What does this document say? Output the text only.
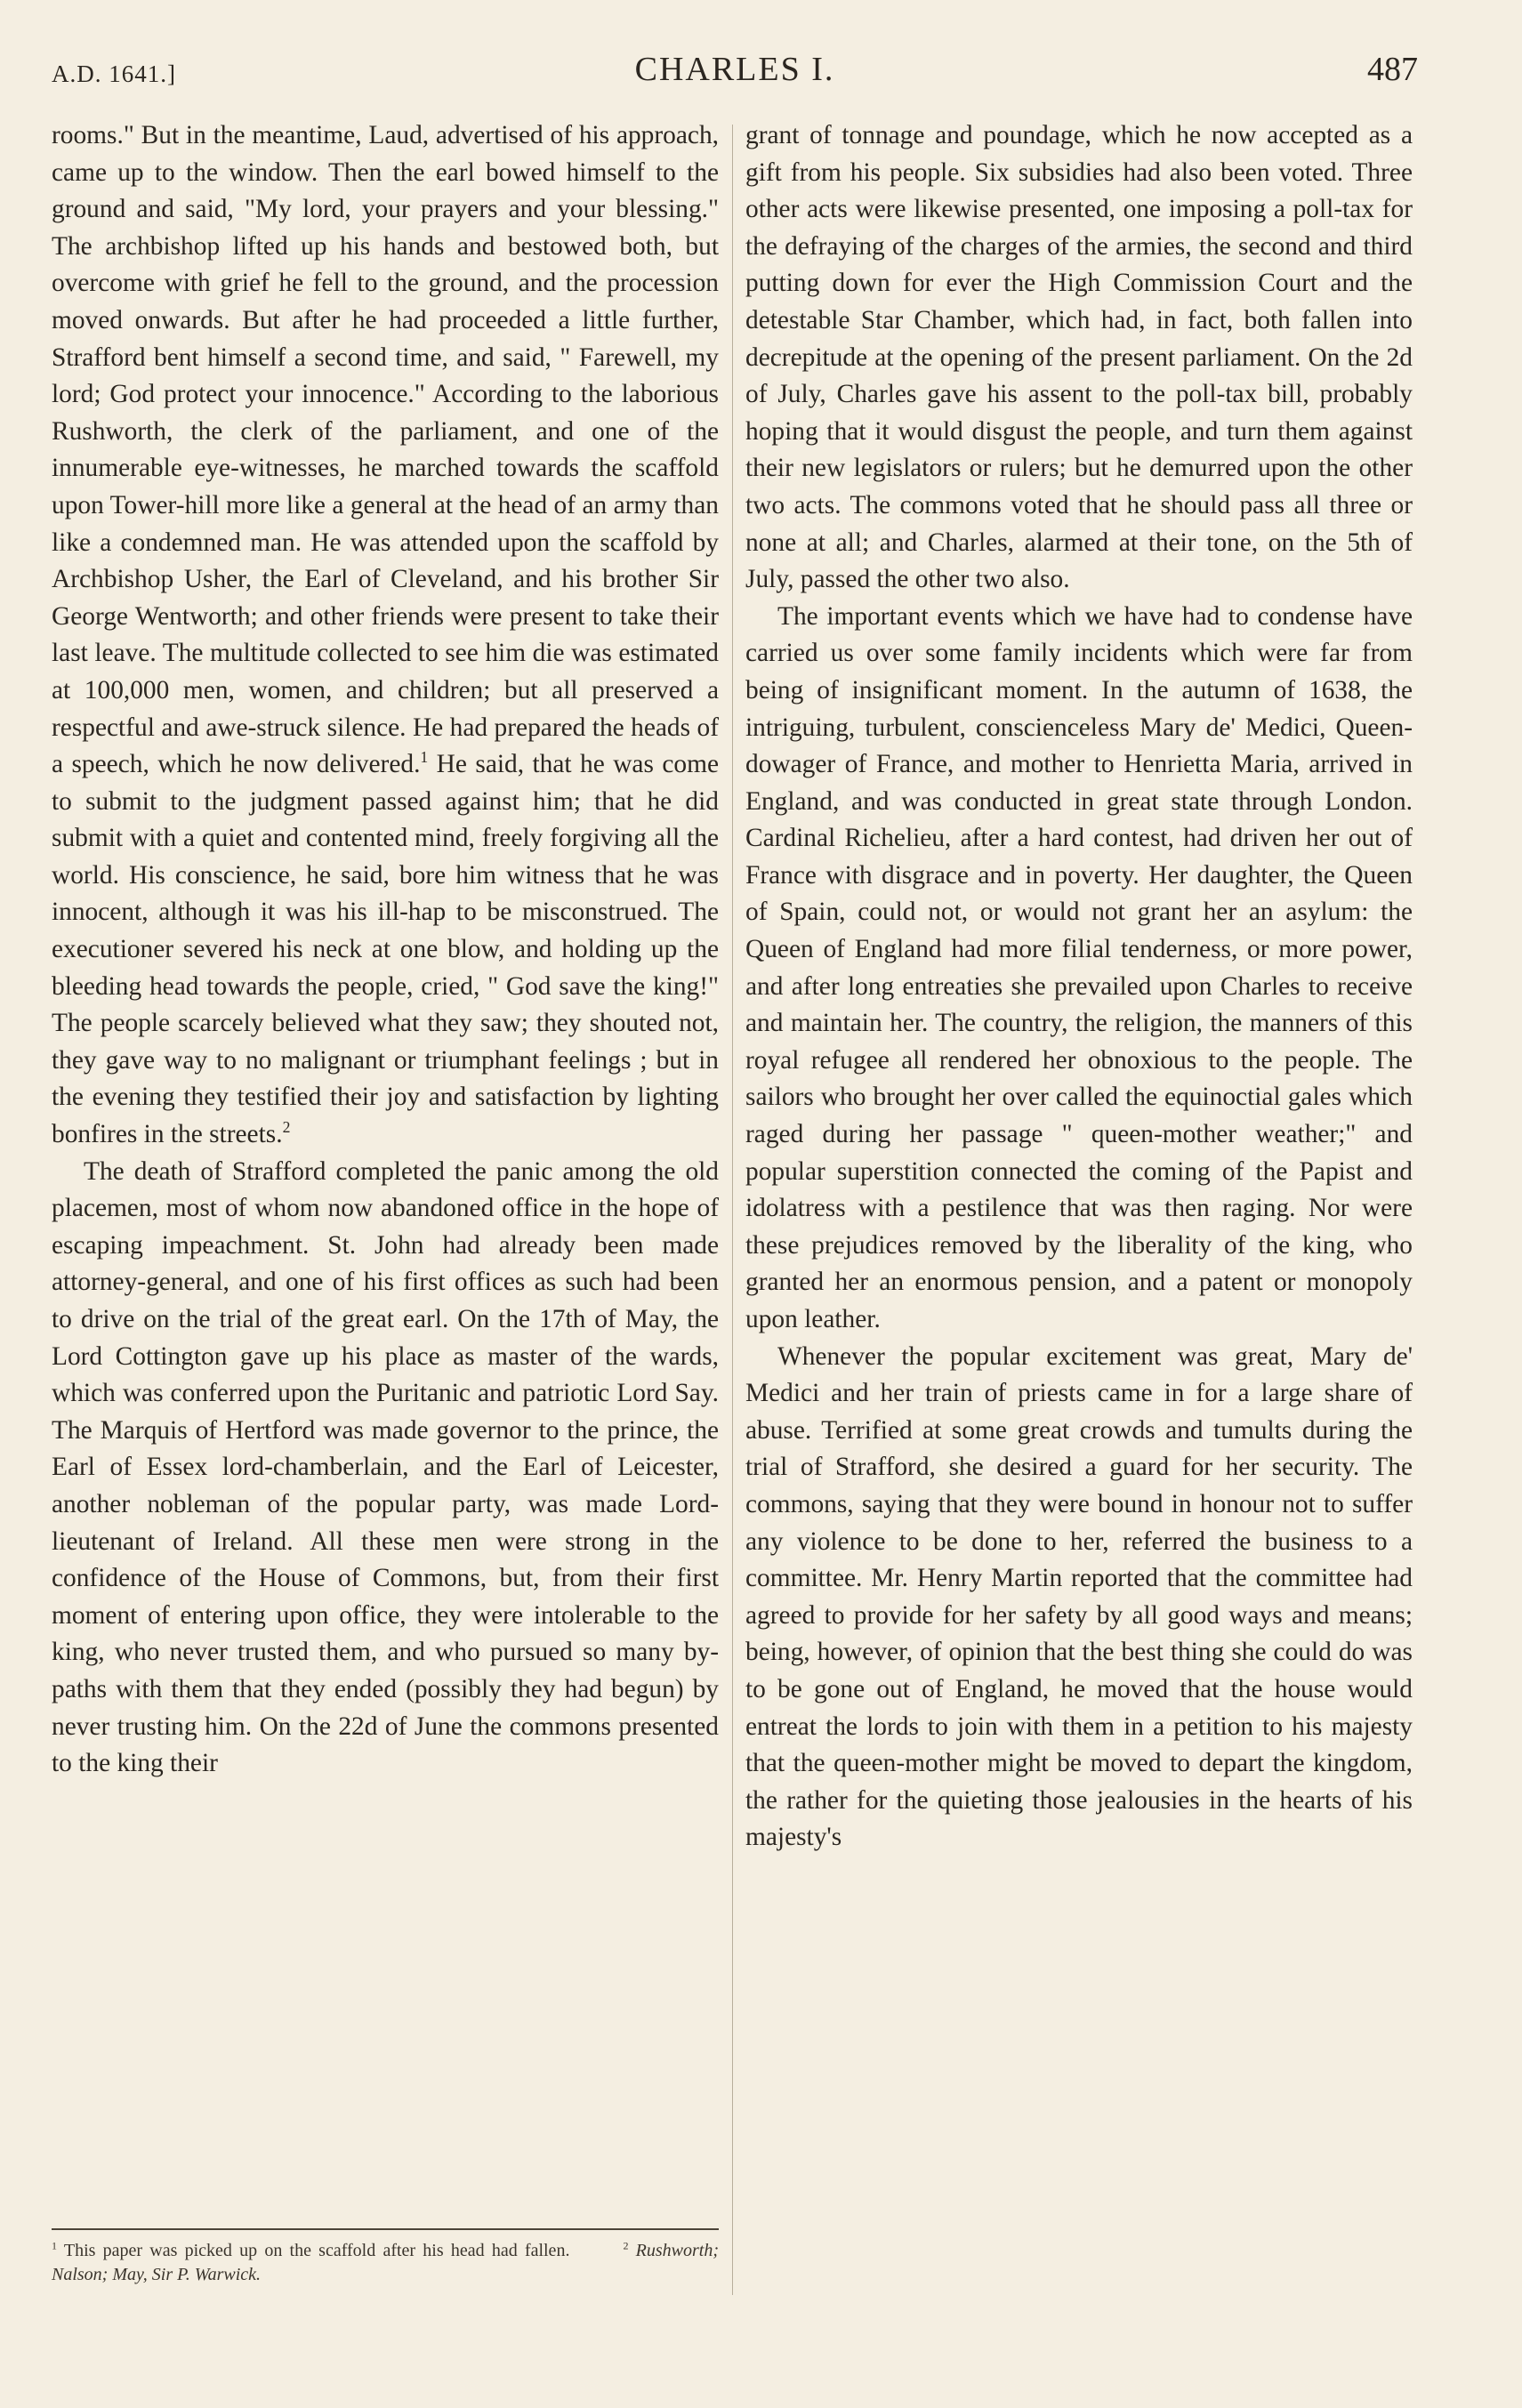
A.D. 1641.]	CHARLES I.	487

rooms." But in the meantime, Laud, advertised of his approach, came up to the window. Then the earl bowed himself to the ground and said, "My lord, your prayers and your blessing." The archbishop lifted up his hands and bestowed both, but overcome with grief he fell to the ground, and the procession moved onwards. But after he had proceeded a little further, Strafford bent himself a second time, and said, " Farewell, my lord; God protect your innocence." According to the laborious Rushworth, the clerk of the parliament, and one of the innumerable eye-witnesses, he marched towards the scaffold upon Tower-hill more like a general at the head of an army than like a condemned man. He was attended upon the scaffold by Archbishop Usher, the Earl of Cleveland, and his brother Sir George Wentworth; and other friends were present to take their last leave. The multitude collected to see him die was estimated at 100,000 men, women, and children; but all preserved a respectful and awe-struck silence. He had prepared the heads of a speech, which he now delivered.$^1$ He said, that he was come to submit to the judgment passed against him; that he did submit with a quiet and contented mind, freely forgiving all the world. His conscience, he said, bore him witness that he was innocent, although it was his ill-hap to be misconstrued. The executioner severed his neck at one blow, and holding up the bleeding head towards the people, cried, " God save the king!" The people scarcely believed what they saw; they shouted not, they gave way to no malignant or triumphant feelings ; but in the evening they testified their joy and satisfaction by lighting bonfires in the streets.$^2$

The death of Strafford completed the panic among the old placemen, most of whom now abandoned office in the hope of escaping impeachment. St. John had already been made attorney-general, and one of his first offices as such had been to drive on the trial of the great earl. On the 17th of May, the Lord Cottington gave up his place as master of the wards, which was conferred upon the Puritanic and patriotic Lord Say. The Marquis of Hertford was made governor to the prince, the Earl of Essex lord-chamberlain, and the Earl of Leicester, another nobleman of the popular party, was made Lord-lieutenant of Ireland. All these men were strong in the confidence of the House of Commons, but, from their first moment of entering upon office, they were intolerable to the king, who never trusted them, and who pursued so many by-paths with them that they ended (possibly they had begun) by never trusting him. On the 22d of June the commons presented to the king their

grant of tonnage and poundage, which he now accepted as a gift from his people. Six subsidies had also been voted. Three other acts were likewise presented, one imposing a poll-tax for the defraying of the charges of the armies, the second and third putting down for ever the High Commission Court and the detestable Star Chamber, which had, in fact, both fallen into decrepitude at the opening of the present parliament. On the 2d of July, Charles gave his assent to the poll-tax bill, probably hoping that it would disgust the people, and turn them against their new legislators or rulers; but he demurred upon the other two acts. The commons voted that he should pass all three or none at all; and Charles, alarmed at their tone, on the 5th of July, passed the other two also.

The important events which we have had to condense have carried us over some family incidents which were far from being of insignificant moment. In the autumn of 1638, the intriguing, turbulent, conscienceless Mary de' Medici, Queen-dowager of France, and mother to Henrietta Maria, arrived in England, and was conducted in great state through London. Cardinal Richelieu, after a hard contest, had driven her out of France with disgrace and in poverty. Her daughter, the Queen of Spain, could not, or would not grant her an asylum: the Queen of England had more filial tenderness, or more power, and after long entreaties she prevailed upon Charles to receive and maintain her. The country, the religion, the manners of this royal refugee all rendered her obnoxious to the people. The sailors who brought her over called the equinoctial gales which raged during her passage " queen-mother weather;" and popular superstition connected the coming of the Papist and idolatress with a pestilence that was then raging. Nor were these prejudices removed by the liberality of the king, who granted her an enormous pension, and a patent or monopoly upon leather.

Whenever the popular excitement was great, Mary de' Medici and her train of priests came in for a large share of abuse. Terrified at some great crowds and tumults during the trial of Strafford, she desired a guard for her security. The commons, saying that they were bound in honour not to suffer any violence to be done to her, referred the business to a committee. Mr. Henry Martin reported that the committee had agreed to provide for her safety by all good ways and means; being, however, of opinion that the best thing she could do was to be gone out of England, he moved that the house would entreat the lords to join with them in a petition to his majesty that the queen-mother might be moved to depart the kingdom, the rather for the quieting those jealousies in the hearts of his majesty's

$^1$ This paper was picked up on the scaffold after his head had fallen.	$^2$ Rushworth; Nalson; May, Sir P. Warwick.
